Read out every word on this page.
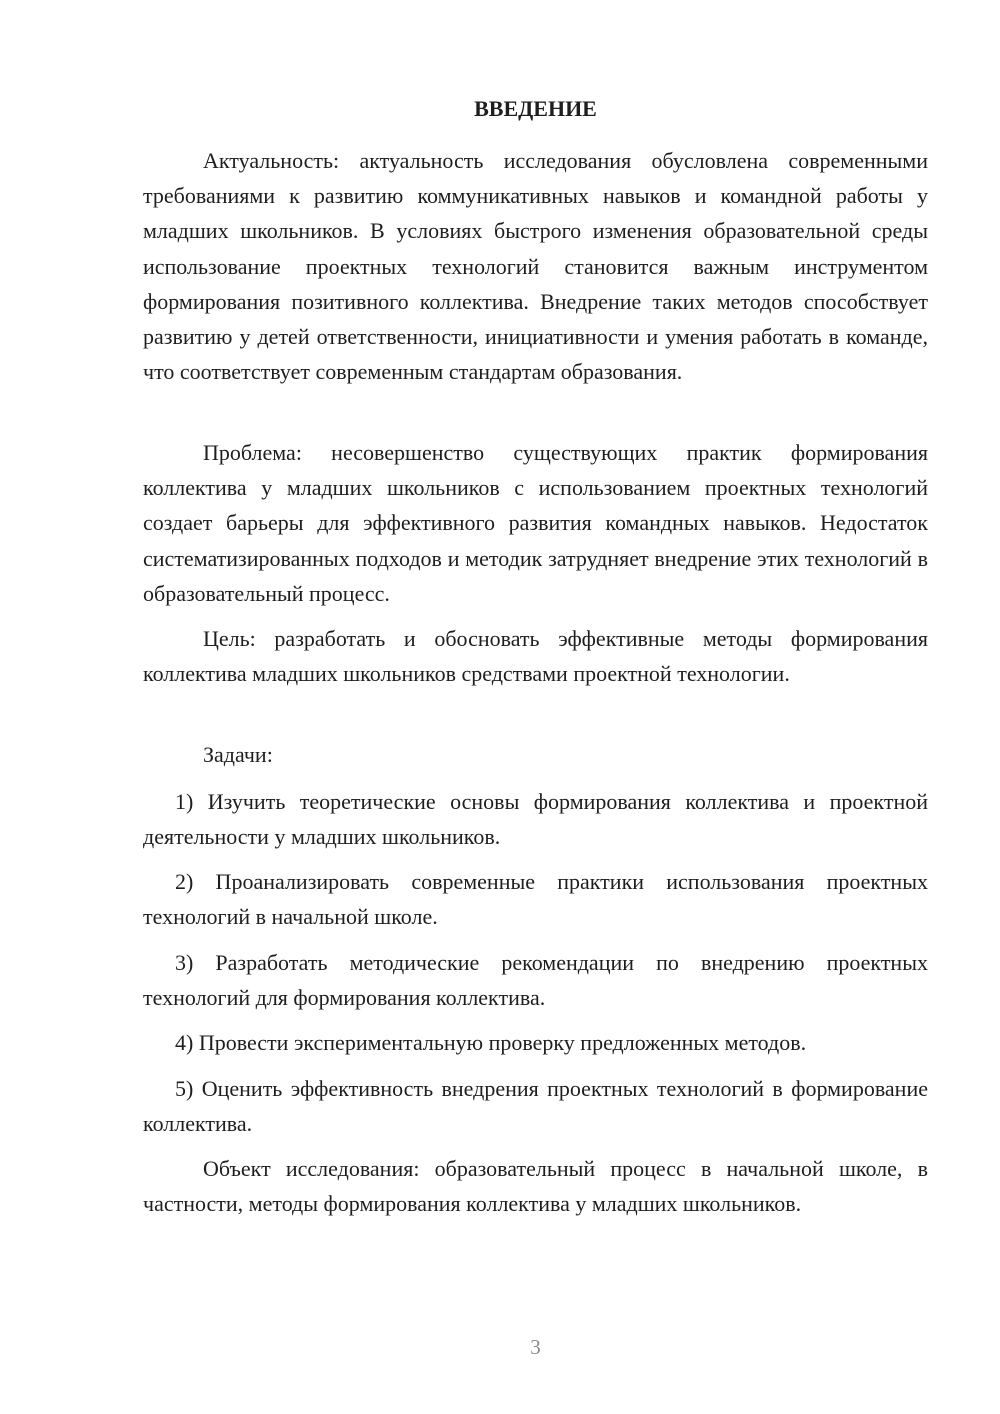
ВВЕДЕНИЕ

Актуальность: актуальность исследования обусловлена современными требованиями к развитию коммуникативных навыков и командной работы у младших школьников. В условиях быстрого изменения образовательной среды использование проектных технологий становится важным инструментом формирования позитивного коллектива. Внедрение таких методов способствует развитию у детей ответственности, инициативности и умения работать в команде, что соответствует современным стандартам образования.

Проблема: несовершенство существующих практик формирования коллектива у младших школьников с использованием проектных технологий создает барьеры для эффективного развития командных навыков. Недостаток систематизированных подходов и методик затрудняет внедрение этих технологий в образовательный процесс.

Цель: разработать и обосновать эффективные методы формирования коллектива младших школьников средствами проектной технологии.

Задачи:

1) Изучить теоретические основы формирования коллектива и проектной деятельности у младших школьников.

2) Проанализировать современные практики использования проектных технологий в начальной школе.

3) Разработать методические рекомендации по внедрению проектных технологий для формирования коллектива.

4) Провести экспериментальную проверку предложенных методов.

5) Оценить эффективность внедрения проектных технологий в формирование коллектива.

Объект исследования: образовательный процесс в начальной школе, в частности, методы формирования коллектива у младших школьников.

3
